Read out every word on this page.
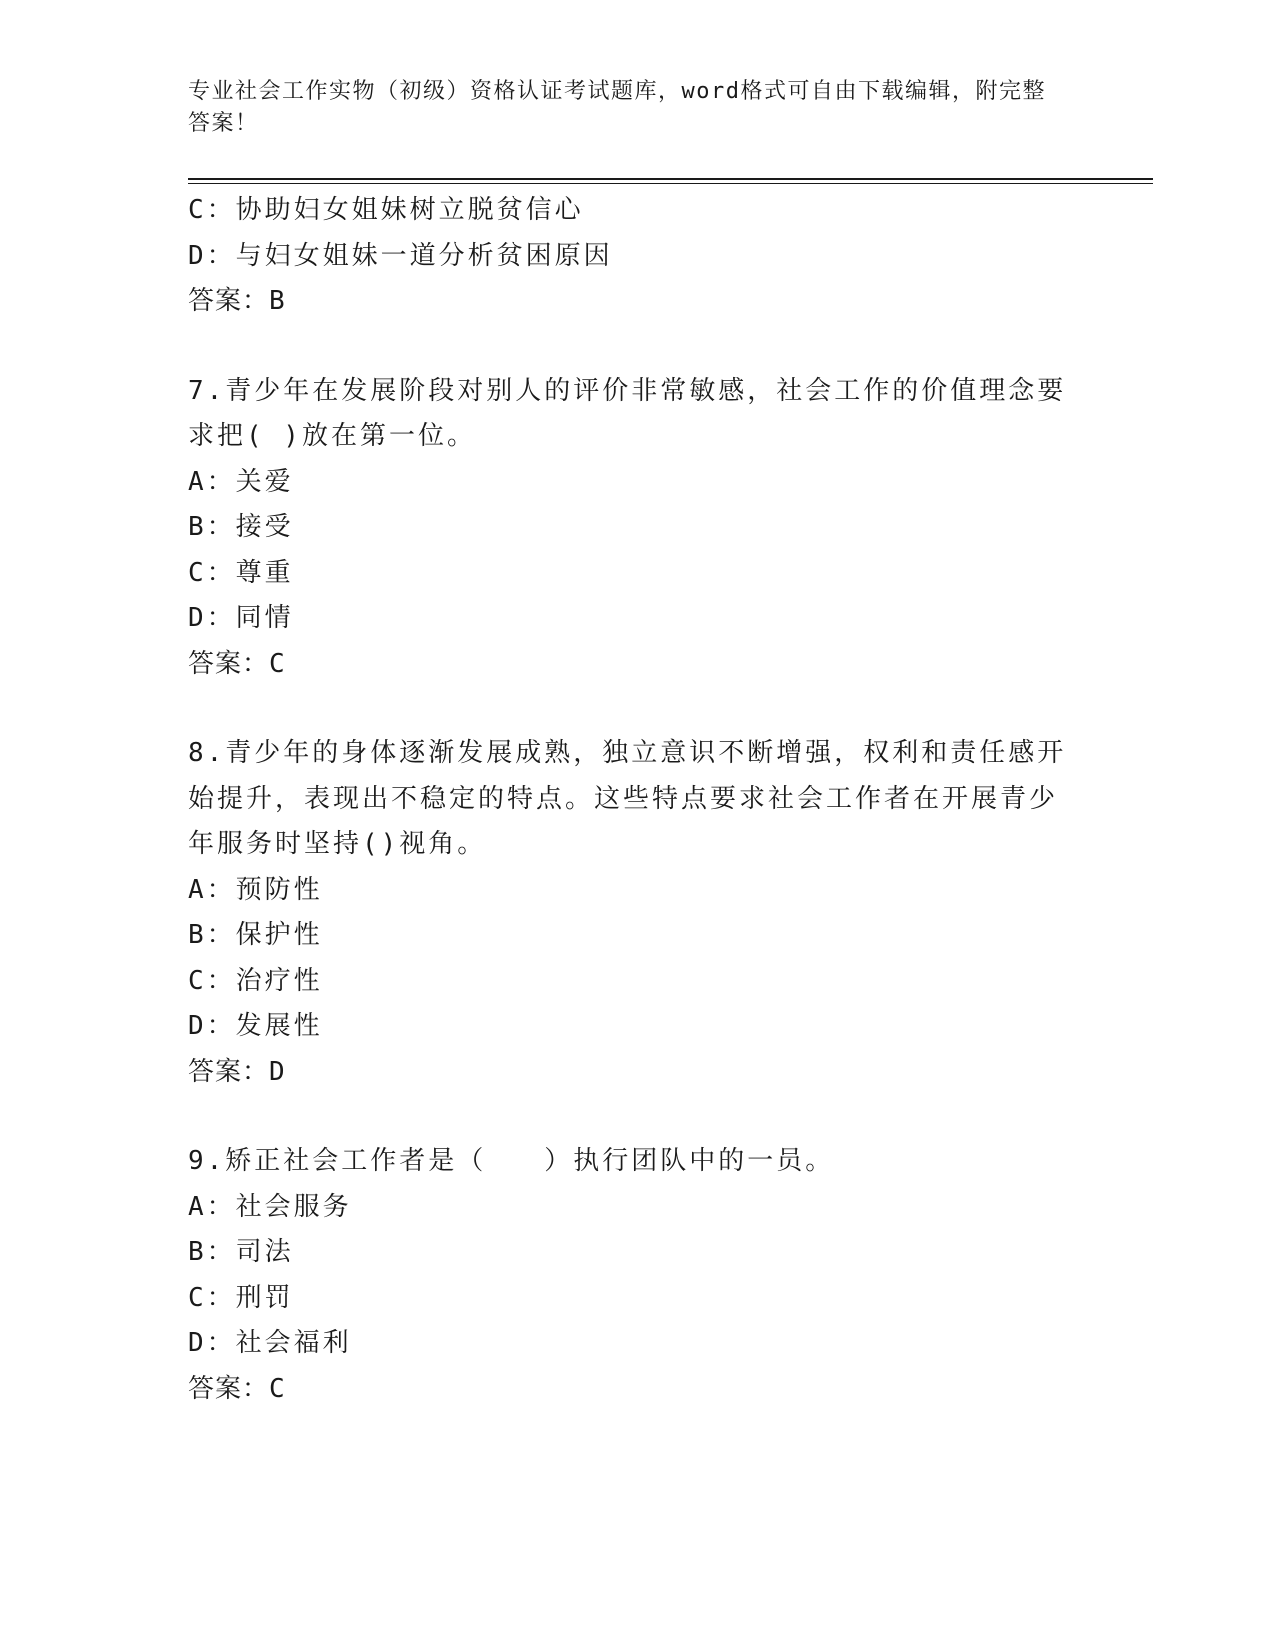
专业社会工作实物（初级）资格认证考试题库，word格式可自由下载编辑，附完整答案！
C：协助妇女姐妹树立脱贫信心
D：与妇女姐妹一道分析贫困原因
答案：B
7.青少年在发展阶段对别人的评价非常敏感，社会工作的价值理念要求把( )放在第一位。
A：关爱
B：接受
C：尊重
D：同情
答案：C
8.青少年的身体逐渐发展成熟，独立意识不断增强，权利和责任感开始提升，表现出不稳定的特点。这些特点要求社会工作者在开展青少年服务时坚持()视角。
A：预防性
B：保护性
C：治疗性
D：发展性
答案：D
9.矫正社会工作者是（　　）执行团队中的一员。
A：社会服务
B：司法
C：刑罚
D：社会福利
答案：C
